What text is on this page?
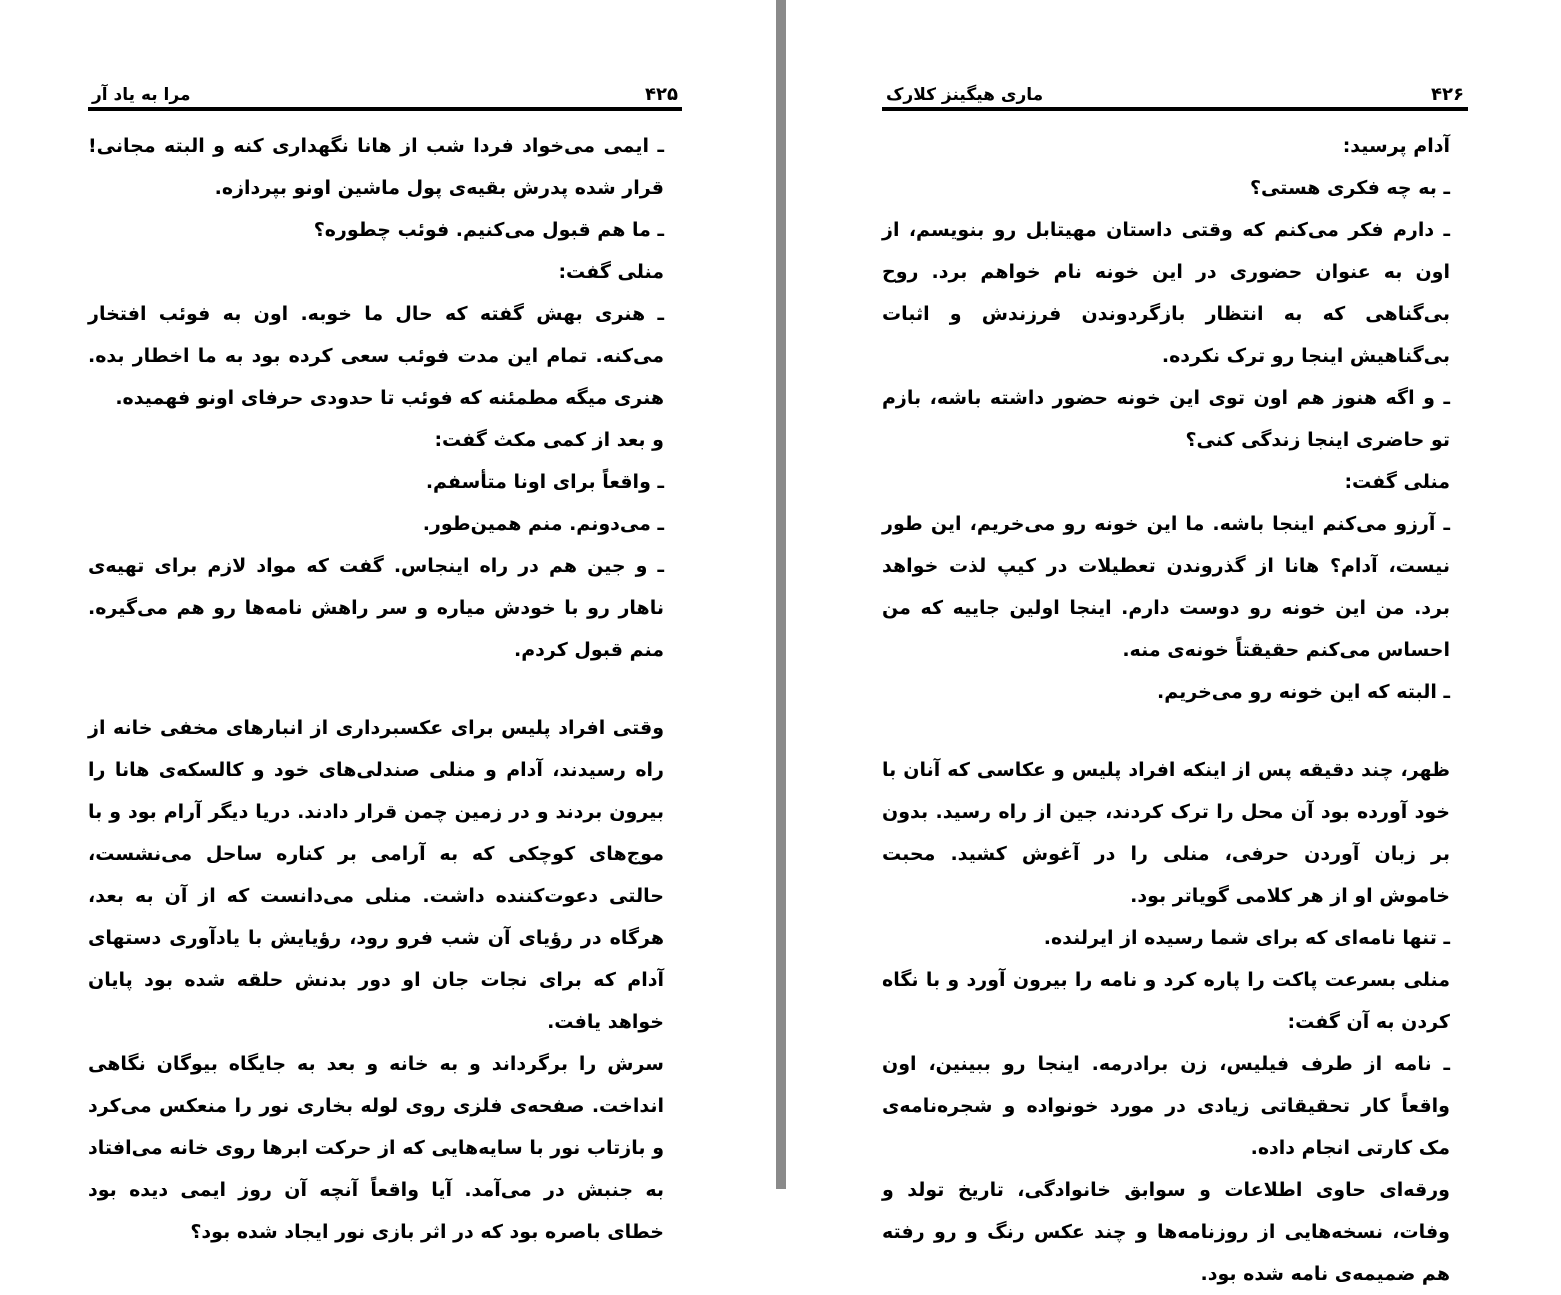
۴۲۵
مرا به یاد آر

ـ ایمی می‌خواد فردا شب از هانا نگهداری کنه و البته مجانی! قرار شده پدرش بقیه‌ی پول ماشین اونو بپردازه.

ـ ما هم قبول می‌کنیم. فوئب چطوره؟

منلی گفت:

ـ هنری بهش گفته که حال ما خوبه. اون به فوئب افتخار می‌کنه. تمام این مدت فوئب سعی کرده بود به ما اخطار بده. هنری میگه مطمئنه که فوئب تا حدودی حرفای اونو فهمیده.

و بعد از کمی مکث گفت:

ـ واقعاً برای اونا متأسفم.

ـ می‌دونم. منم همین‌طور.

ـ و جین هم در راه اینجاس. گفت که مواد لازم برای تهیه‌ی ناهار رو با خودش میاره و سر راهش نامه‌ها رو هم می‌گیره. منم قبول کردم.

وقتی افراد پلیس برای عکسبرداری از انبارهای مخفی خانه از راه رسیدند، آدام و منلی صندلی‌های خود و کالسکه‌ی هانا را بیرون بردند و در زمین چمن قرار دادند. دریا دیگر آرام بود و با موج‌های کوچکی که به آرامی بر کناره ساحل می‌نشست، حالتی دعوت‌کننده داشت. منلی می‌دانست که از آن به بعد، هرگاه در رؤیای آن شب فرو رود، رؤیایش با یادآوری دستهای آدام که برای نجات جان او دور بدنش حلقه شده بود پایان خواهد یافت.

سرش را برگرداند و به خانه و بعد به جایگاه بیوگان نگاهی انداخت. صفحه‌ی فلزی روی لوله بخاری نور را منعکس می‌کرد و بازتاب نور با سایه‌هایی که از حرکت ابرها روی خانه می‌افتاد به جنبش در می‌آمد. آیا واقعاً آنچه آن روز ایمی دیده بود خطای باصره بود که در اثر بازی نور ایجاد شده بود؟

۴۲۶
ماری هیگینز کلارک

آدام پرسید:

ـ به چه فکری هستی؟

ـ دارم فکر می‌کنم که وقتی داستان مهیتابل رو بنویسم، از اون به عنوان حضوری در این خونه نام خواهم برد. روح بی‌گناهی که به انتظار بازگردوندن فرزندش و اثبات بی‌گناهیش اینجا رو ترک نکرده.

ـ و اگه هنوز هم اون توی این خونه حضور داشته باشه، بازم تو حاضری اینجا زندگی کنی؟

منلی گفت:

ـ آرزو می‌کنم اینجا باشه. ما این خونه رو می‌خریم، این طور نیست، آدام؟ هانا از گذروندن تعطیلات در کیپ لذت خواهد برد. من این خونه رو دوست دارم. اینجا اولین جاییه که من احساس می‌کنم حقیقتاً خونه‌ی منه.

ـ البته که این خونه رو می‌خریم.

ظهر، چند دقیقه پس از اینکه افراد پلیس و عکاسی که آنان با خود آورده بود آن محل را ترک کردند، جین از راه رسید. بدون بر زبان آوردن حرفی، منلی را در آغوش کشید. محبت خاموش او از هر کلامی گویاتر بود.

ـ تنها نامه‌ای که برای شما رسیده از ایرلنده.

منلی بسرعت پاکت را پاره کرد و نامه را بیرون آورد و با نگاه کردن به آن گفت:

ـ نامه از طرف فیلیس، زن برادرمه. اینجا رو ببینین، اون واقعاً کار تحقیقاتی زیادی در مورد خونواده و شجره‌نامه‌ی مک کارتی انجام داده.

ورقه‌ای حاوی اطلاعات و سوابق خانوادگی، تاریخ تولد و وفات، نسخه‌هایی از روزنامه‌ها و چند عکس رنگ و رو رفته هم ضمیمه‌ی نامه شده بود.
